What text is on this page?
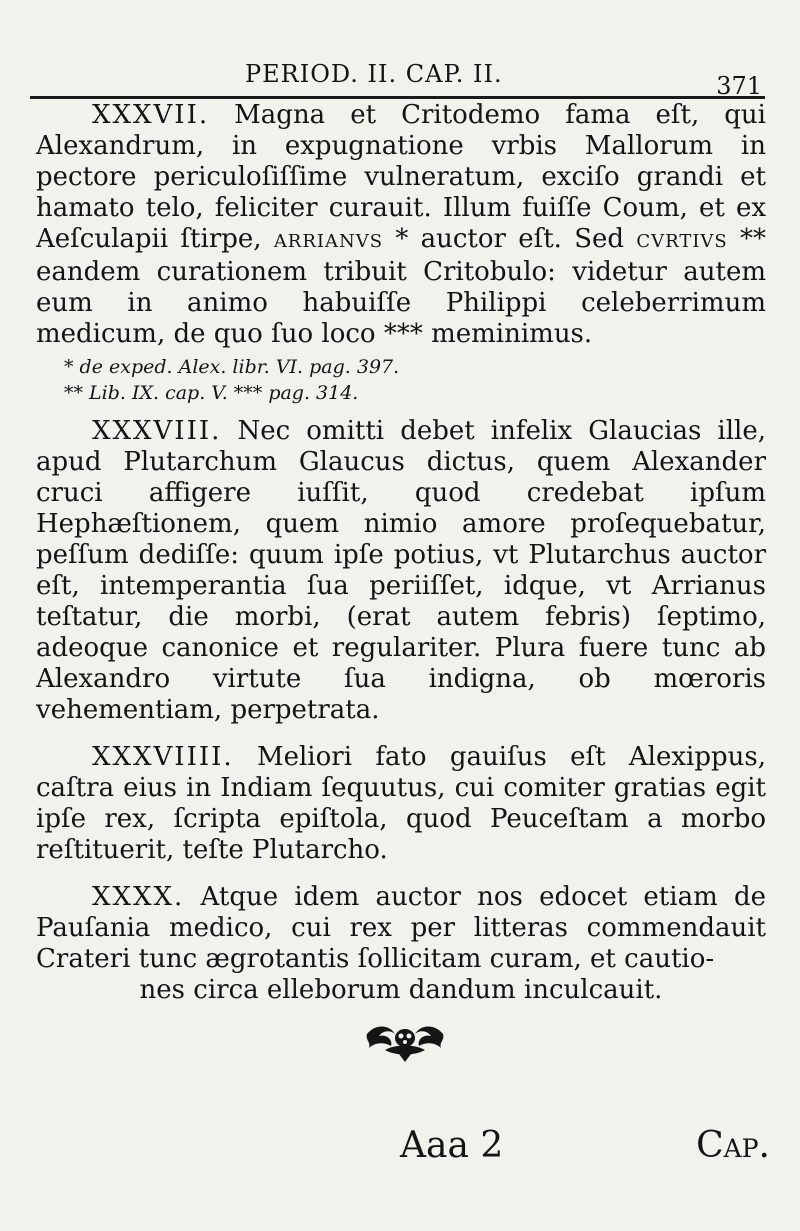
PERIOD. II. CAP. II.	371

XXXVII. Magna et Critodemo fama eſt, qui Alexandrum, in expugnatione vrbis Mallorum in pectore periculoſiſſime vulneratum, exciſo grandi et hamato telo, feliciter curauit. Illum fuiſſe Coum, et ex Aeſculapii ſtirpe, ARRIANVS * auctor eſt. Sed CVRTIVS ** eandem curationem tribuit Critobulo: videtur autem eum in animo habuiſſe Philippi celeberrimum medicum, de quo ſuo loco *** meminimus.

* de exped. Alex. libr. VI. pag. 397.
** Lib. IX. cap. V. *** pag. 314.

XXXVIII. Nec omitti debet infelix Glaucias ille, apud Plutarchum Glaucus dictus, quem Alexander cruci affigere iuſſit, quod credebat ipſum Hephæſtionem, quem nimio amore proſequebatur, peſſum dediſſe: quum ipſe potius, vt Plutarchus auctor eſt, intemperantia ſua periiſſet, idque, vt Arrianus teſtatur, die morbi, (erat autem febris) ſeptimo, adeoque canonice et regulariter. Plura fuere tunc ab Alexandro virtute ſua indigna, ob mœroris vehementiam, perpetrata.

XXXVIIII. Meliori fato gauiſus eſt Alexippus, caſtra eius in Indiam ſequutus, cui comiter gratias egit ipſe rex, ſcripta epiſtola, quod Peuceſtam a morbo reſtituerit, teſte Plutarcho.

XXXX. Atque idem auctor nos edocet etiam de Pauſania medico, cui rex per litteras commendauit Crateri tunc ægrotantis ſollicitam curam, et cautio-

nes circa elleborum dandum inculcauit.

Aaa 2	Cap.
